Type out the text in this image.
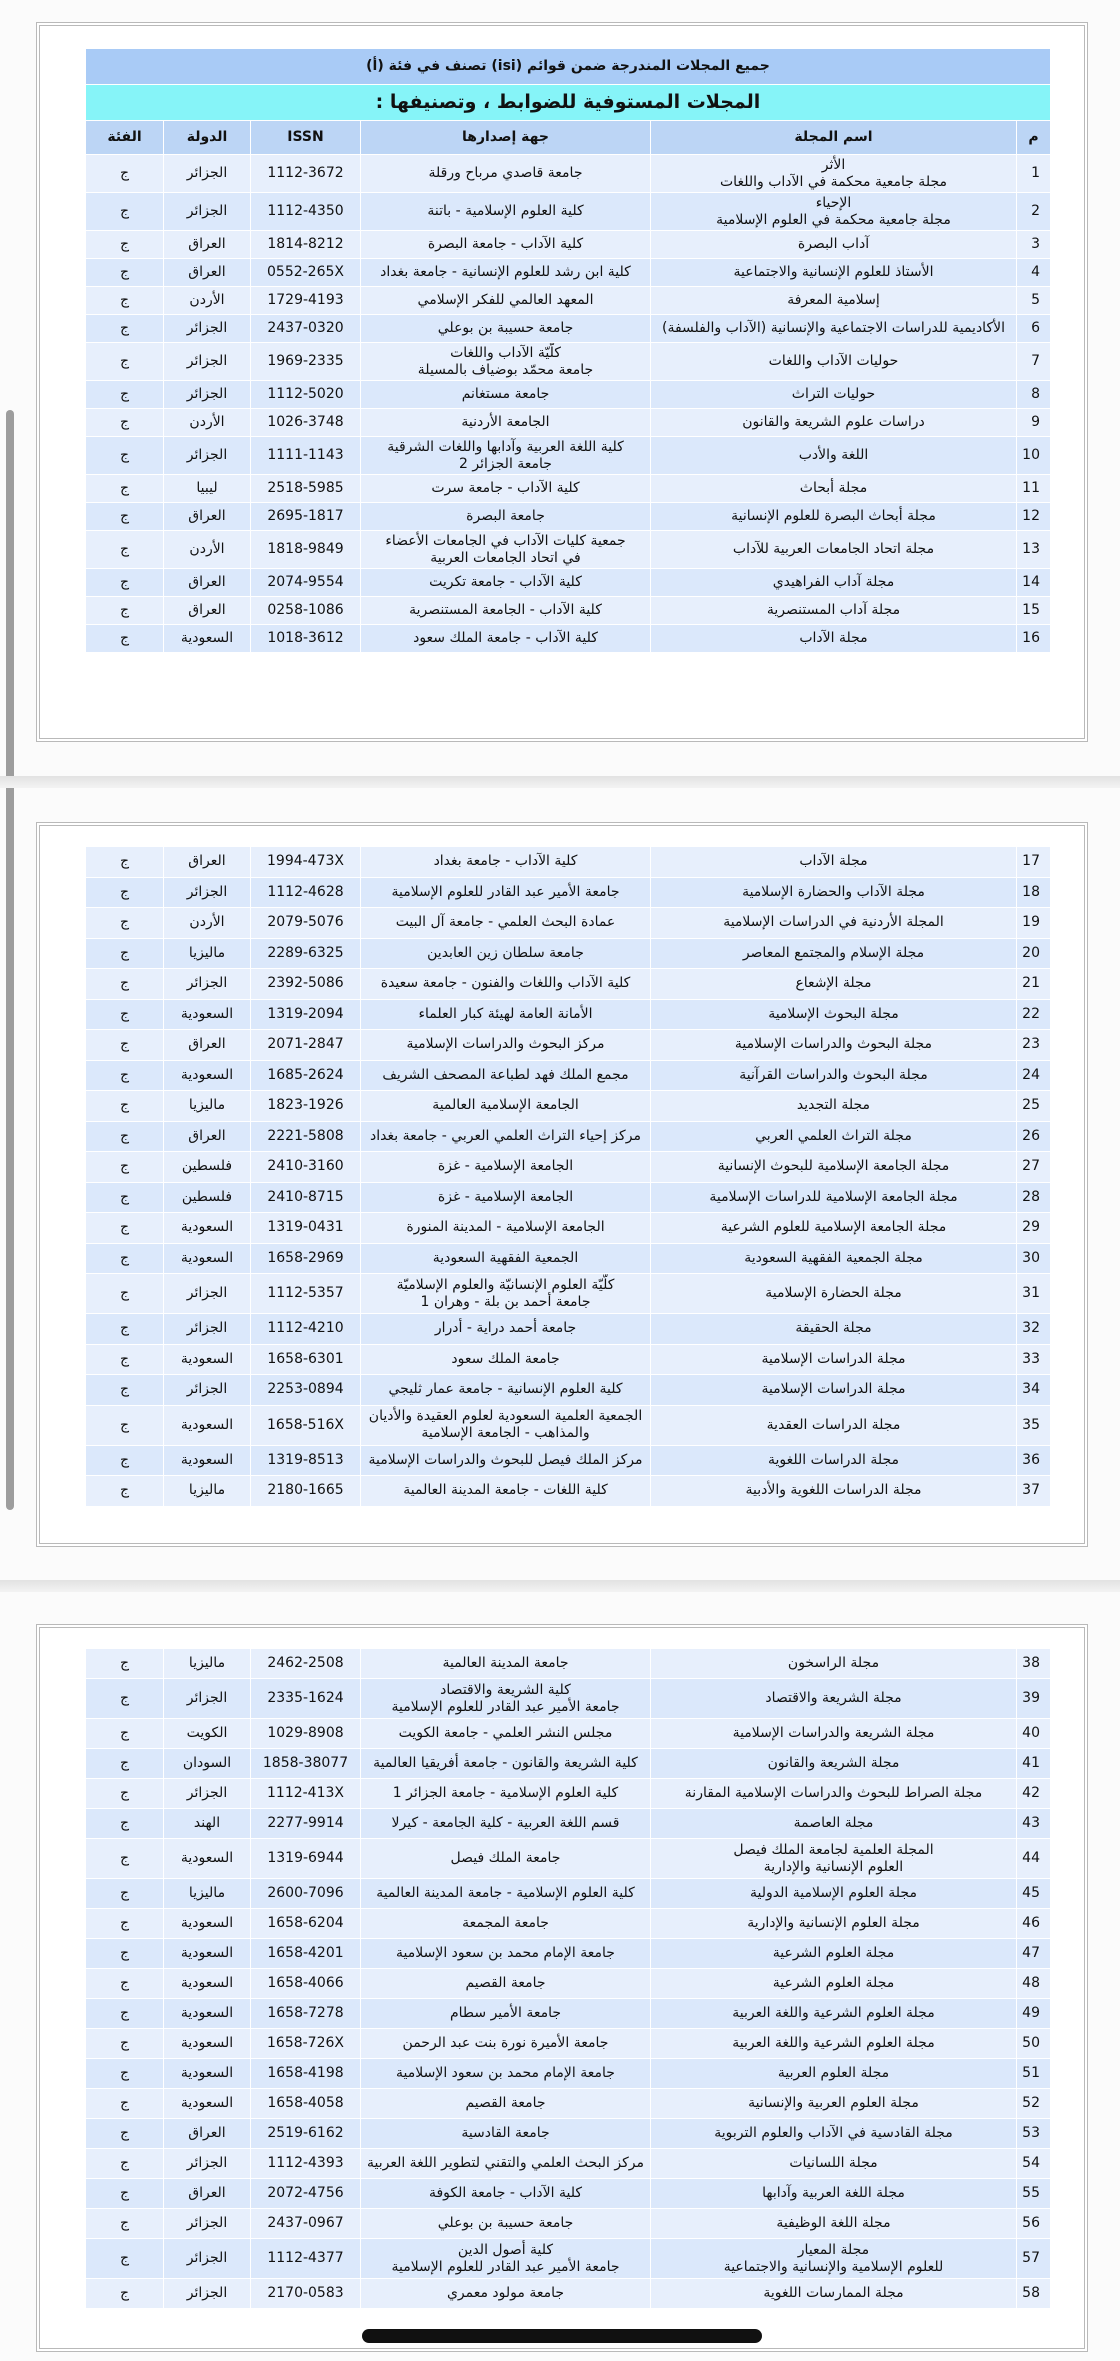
جميع المجلات المندرجة ضمن قوائم (isi) تصنف في فئة (أ)					
المجلات المستوفية للضوابط ، وتصنيفها :					
م	اسم المجلة	جهة إصدارها	ISSN	الدولة	الفئة
1	الأثر
مجلة جامعية محكمة في الآداب واللغات	جامعة قاصدي مرباح ورقلة	1112-3672	الجزائر	ج
2	الإحياء
مجلة جامعية محكمة في العلوم الإسلامية	كلية العلوم الإسلامية - باتنة	1112-4350	الجزائر	ج
3	آداب البصرة	كلية الآداب - جامعة البصرة	1814-8212	العراق	ج
4	الأستاذ للعلوم الإنسانية والاجتماعية	كلية ابن رشد للعلوم الإنسانية - جامعة بغداد	0552-265X	العراق	ج
5	إسلامية المعرفة	المعهد العالمي للفكر الإسلامي	1729-4193	الأردن	ج
6	الأكاديمية للدراسات الاجتماعية والإنسانية (الآداب والفلسفة)	جامعة حسيبة بن بوعلي	2437-0320	الجزائر	ج
7	حوليات الآداب واللغات	كلّيّة الآداب واللغات
جامعة محمّد بوضياف بالمسيلة	1969-2335	الجزائر	ج
8	حوليات التراث	جامعة مستغانم	1112-5020	الجزائر	ج
9	دراسات علوم الشريعة والقانون	الجامعة الأردنية	1026-3748	الأردن	ج
10	اللغة والأدب	كلية اللغة العربية وآدابها واللغات الشرقية
جامعة الجزائر 2	1111-1143	الجزائر	ج
11	مجلة أبحاث	كلية الآداب - جامعة سرت	2518-5985	ليبيا	ج
12	مجلة أبحاث البصرة للعلوم الإنسانية	جامعة البصرة	2695-1817	العراق	ج
13	مجلة اتحاد الجامعات العربية للآداب	جمعية كليات الآداب في الجامعات الأعضاء
في اتحاد الجامعات العربية	1818-9849	الأردن	ج
14	مجلة آداب الفراهيدي	كلية الآداب - جامعة تكريت	2074-9554	العراق	ج
15	مجلة آداب المستنصرية	كلية الآداب - الجامعة المستنصرية	0258-1086	العراق	ج
16	مجلة الآداب	كلية الآداب - جامعة الملك سعود	1018-3612	السعودية	ج
17	مجلة الآداب	كلية الآداب - جامعة بغداد	1994-473X	العراق	ج
18	مجلة الآداب والحضارة الإسلامية	جامعة الأمير عبد القادر للعلوم الإسلامية	1112-4628	الجزائر	ج
19	المجلة الأردنية في الدراسات الإسلامية	عمادة البحث العلمي - جامعة آل البيت	2079-5076	الأردن	ج
20	مجلة الإسلام والمجتمع المعاصر	جامعة سلطان زين العابدين	2289-6325	ماليزيا	ج
21	مجلة الإشعاع	كلية الآداب واللغات والفنون - جامعة سعيدة	2392-5086	الجزائر	ج
22	مجلة البحوث الإسلامية	الأمانة العامة لهيئة كبار العلماء	1319-2094	السعودية	ج
23	مجلة البحوث والدراسات الإسلامية	مركز البحوث والدراسات الإسلامية	2071-2847	العراق	ج
24	مجلة البحوث والدراسات القرآنية	مجمع الملك فهد لطباعة المصحف الشريف	1685-2624	السعودية	ج
25	مجلة التجديد	الجامعة الإسلامية العالمية	1823-1926	ماليزيا	ج
26	مجلة التراث العلمي العربي	مركز إحياء التراث العلمي العربي - جامعة بغداد	2221-5808	العراق	ج
27	مجلة الجامعة الإسلامية للبحوث الإنسانية	الجامعة الإسلامية - غزة	2410-3160	فلسطين	ج
28	مجلة الجامعة الإسلامية للدراسات الإسلامية	الجامعة الإسلامية - غزة	2410-8715	فلسطين	ج
29	مجلة الجامعة الإسلامية للعلوم الشرعية	الجامعة الإسلامية - المدينة المنورة	1319-0431	السعودية	ج
30	مجلة الجمعية الفقهية السعودية	الجمعية الفقهية السعودية	1658-2969	السعودية	ج
31	مجلة الحضارة الإسلامية	كلّيّة العلوم الإنسانيّة والعلوم الإسلاميّة
جامعة أحمد بن بلة - وهران 1	1112-5357	الجزائر	ج
32	مجلة الحقيقة	جامعة أحمد دراية - أدرار	1112-4210	الجزائر	ج
33	مجلة الدراسات الإسلامية	جامعة الملك سعود	1658-6301	السعودية	ج
34	مجلة الدراسات الإسلامية	كلية العلوم الإنسانية - جامعة عمار ثليجي	2253-0894	الجزائر	ج
35	مجلة الدراسات العقدية	الجمعية العلمية السعودية لعلوم العقيدة والأديان
والمذاهب - الجامعة الإسلامية	1658-516X	السعودية	ج
36	مجلة الدراسات اللغوية	مركز الملك فيصل للبحوث والدراسات الإسلامية	1319-8513	السعودية	ج
37	مجلة الدراسات اللغوية والأدبية	كلية اللغات - جامعة المدينة العالمية	2180-1665	ماليزيا	ج
38	مجلة الراسخون	جامعة المدينة العالمية	2462-2508	ماليزيا	ج
39	مجلة الشريعة والاقتصاد	كلية الشريعة والاقتصاد
جامعة الأمير عبد القادر للعلوم الإسلامية	2335-1624	الجزائر	ج
40	مجلة الشريعة والدراسات الإسلامية	مجلس النشر العلمي - جامعة الكويت	1029-8908	الكويت	ج
41	مجلة الشريعة والقانون	كلية الشريعة والقانون - جامعة أفريقيا العالمية	1858-38077	السودان	ج
42	مجلة الصراط للبحوث والدراسات الإسلامية المقارنة	كلية العلوم الإسلامية - جامعة الجزائر 1	1112-413X	الجزائر	ج
43	مجلة العاصمة	قسم اللغة العربية - كلية الجامعة - كيرلا	2277-9914	الهند	ج
44	المجلة العلمية لجامعة الملك فيصل
العلوم الإنسانية والإدارية	جامعة الملك فيصل	1319-6944	السعودية	ج
45	مجلة العلوم الإسلامية الدولية	كلية العلوم الإسلامية - جامعة المدينة العالمية	2600-7096	ماليزيا	ج
46	مجلة العلوم الإنسانية والإدارية	جامعة المجمعة	1658-6204	السعودية	ج
47	مجلة العلوم الشرعية	جامعة الإمام محمد بن سعود الإسلامية	1658-4201	السعودية	ج
48	مجلة العلوم الشرعية	جامعة القصيم	1658-4066	السعودية	ج
49	مجلة العلوم الشرعية واللغة العربية	جامعة الأمير سطام	1658-7278	السعودية	ج
50	مجلة العلوم الشرعية واللغة العربية	جامعة الأميرة نورة بنت عبد الرحمن	1658-726X	السعودية	ج
51	مجلة العلوم العربية	جامعة الإمام محمد بن سعود الإسلامية	1658-4198	السعودية	ج
52	مجلة العلوم العربية والإنسانية	جامعة القصيم	1658-4058	السعودية	ج
53	مجلة القادسية في الآداب والعلوم التربوية	جامعة القادسية	2519-6162	العراق	ج
54	مجلة اللسانيات	مركز البحث العلمي والتقني لتطوير اللغة العربية	1112-4393	الجزائر	ج
55	مجلة اللغة العربية وآدابها	كلية الآداب - جامعة الكوفة	2072-4756	العراق	ج
56	مجلة اللغة الوظيفية	جامعة حسيبة بن بوعلي	2437-0967	الجزائر	ج
57	مجلة المعيار
للعلوم الإسلامية والإنسانية والاجتماعية	كلية أصول الدين
جامعة الأمير عبد القادر للعلوم الإسلامية	1112-4377	الجزائر	ج
58	مجلة الممارسات اللغوية	جامعة مولود معمري	2170-0583	الجزائر	ج
